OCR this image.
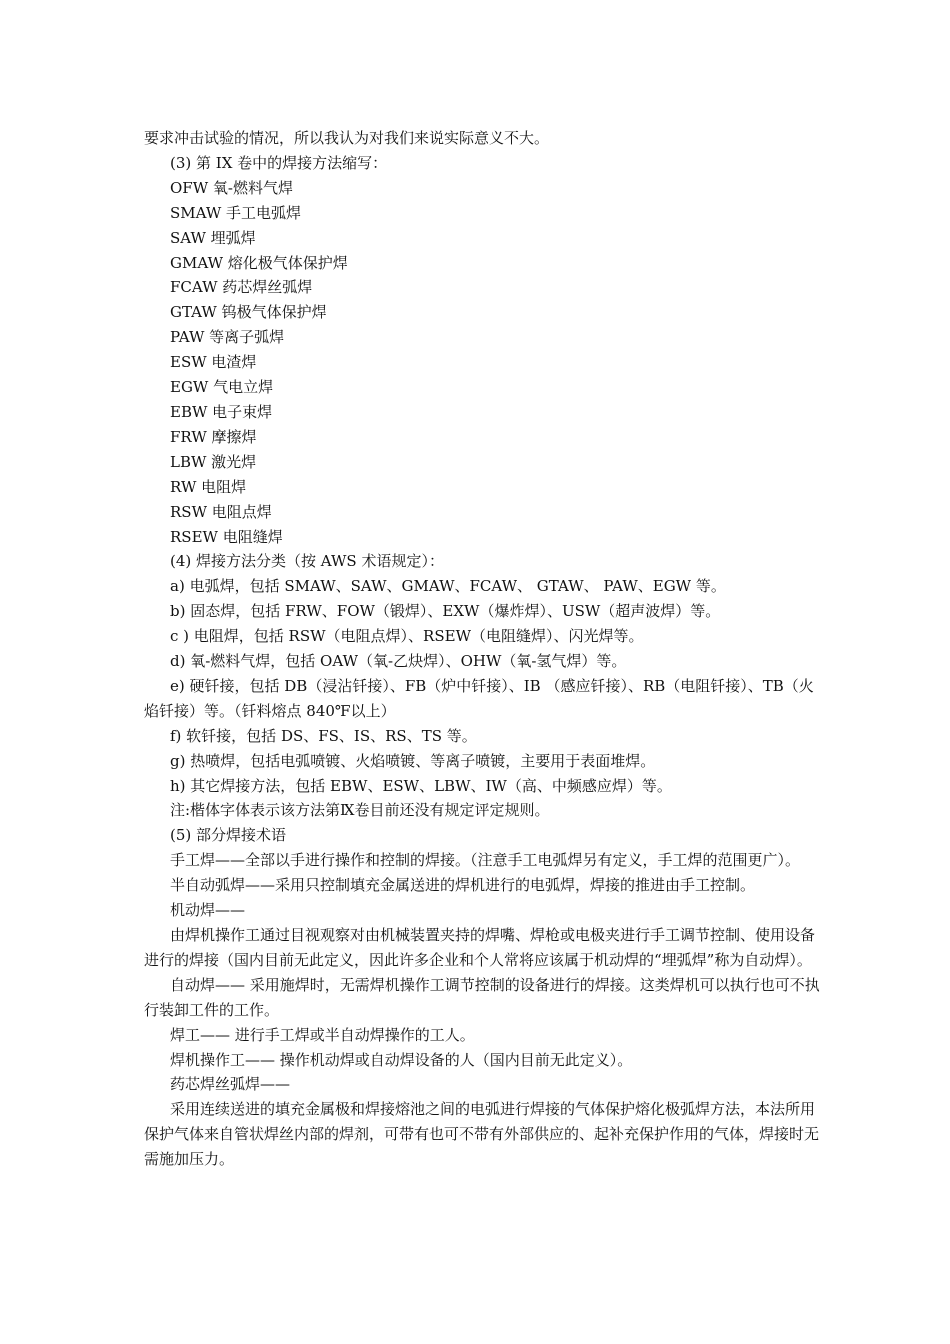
要求冲击试验的情况，所以我认为对我们来说实际意义不大。

(3) 第 IX 卷中的焊接方法缩写：

OFW 氧-燃料气焊

SMAW 手工电弧焊

SAW 埋弧焊

GMAW 熔化极气体保护焊

FCAW 药芯焊丝弧焊

GTAW 钨极气体保护焊

PAW 等离子弧焊

ESW 电渣焊

EGW 气电立焊

EBW 电子束焊

FRW 摩擦焊

LBW 激光焊

RW 电阻焊

RSW 电阻点焊

RSEW 电阻缝焊

(4) 焊接方法分类（按 AWS 术语规定）：

a) 电弧焊，包括 SMAW、SAW、GMAW、FCAW、 GTAW、 PAW、EGW 等。

b) 固态焊，包括 FRW、FOW（锻焊）、EXW（爆炸焊）、USW（超声波焊）等。

c ) 电阻焊，包括 RSW（电阻点焊）、RSEW（电阻缝焊）、闪光焊等。

d) 氧-燃料气焊，包括 OAW（氧-乙炔焊）、OHW（氧-氢气焊）等。

e) 硬钎接，包括 DB（浸沾钎接）、FB（炉中钎接）、IB （感应钎接）、RB（电阻钎接）、TB（火焰钎接）等。（钎料熔点 840℉以上）

f) 软钎接，包括 DS、FS、IS、RS、TS 等。

g) 热喷焊，包括电弧喷镀、火焰喷镀、等离子喷镀，主要用于表面堆焊。

h) 其它焊接方法，包括 EBW、ESW、LBW、IW（高、中频感应焊）等。

注:楷体字体表示该方法第Ⅸ卷目前还没有规定评定规则。

(5) 部分焊接术语

手工焊——全部以手进行操作和控制的焊接。（注意手工电弧焊另有定义，手工焊的范围更广）。

半自动弧焊——采用只控制填充金属送进的焊机进行的电弧焊，焊接的推进由手工控制。

机动焊——

由焊机操作工通过目视观察对由机械装置夹持的焊嘴、焊枪或电极夹进行手工调节控制、使用设备进行的焊接（国内目前无此定义，因此许多企业和个人常将应该属于机动焊的“埋弧焊”称为自动焊）。

自动焊—— 采用施焊时，无需焊机操作工调节控制的设备进行的焊接。这类焊机可以执行也可不执行装卸工件的工作。

焊工—— 进行手工焊或半自动焊操作的工人。

焊机操作工—— 操作机动焊或自动焊设备的人（国内目前无此定义）。

药芯焊丝弧焊——

采用连续送进的填充金属极和焊接熔池之间的电弧进行焊接的气体保护熔化极弧焊方法，本法所用保护气体来自管状焊丝内部的焊剂，可带有也可不带有外部供应的、起补充保护作用的气体，焊接时无需施加压力。
